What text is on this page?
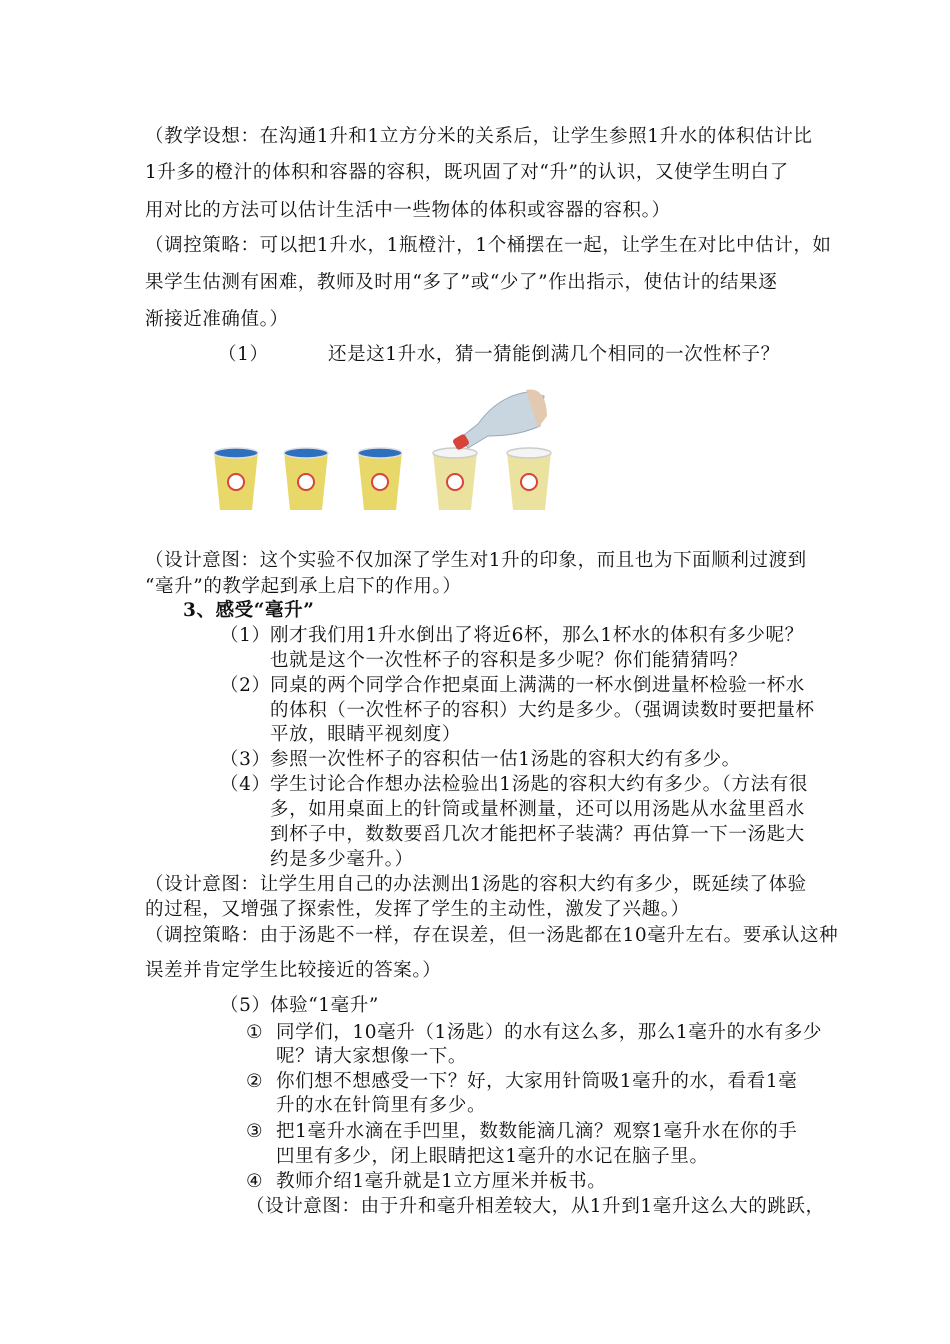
（教学设想：在沟通1升和1立方分米的关系后，让学生参照1升水的体积估计比
1升多的橙汁的体积和容器的容积，既巩固了对“升”的认识，又使学生明白了
用对比的方法可以估计生活中一些物体的体积或容器的容积。）
（调控策略：可以把1升水，1瓶橙汁，1个桶摆在一起，让学生在对比中估计，如
果学生估测有困难，教师及时用“多了”或“少了”作出指示，使估计的结果逐
渐接近准确值。）
（1）	还是这1升水，猜一猜能倒满几个相同的一次性杯子？
（设计意图：这个实验不仅加深了学生对1升的印象，而且也为下面顺利过渡到
“毫升”的教学起到承上启下的作用。）
3、感受“毫升”
（1） 刚才我们用1升水倒出了将近6杯，那么1杯水的体积有多少呢？
也就是这个一次性杯子的容积是多少呢？你们能猜猜吗？
（2） 同桌的两个同学合作把桌面上满满的一杯水倒进量杯检验一杯水
的体积（一次性杯子的容积）大约是多少。（强调读数时要把量杯
平放，眼睛平视刻度）
（3） 参照一次性杯子的容积估一估1汤匙的容积大约有多少。
（4） 学生讨论合作想办法检验出1汤匙的容积大约有多少。（方法有很
多，如用桌面上的针筒或量杯测量，还可以用汤匙从水盆里舀水
到杯子中，数数要舀几次才能把杯子装满？再估算一下一汤匙大
约是多少毫升。）
（设计意图：让学生用自己的办法测出1汤匙的容积大约有多少，既延续了体验
的过程，又增强了探索性，发挥了学生的主动性，激发了兴趣。）
（调控策略：由于汤匙不一样，存在误差，但一汤匙都在10毫升左右。要承认这种
误差并肯定学生比较接近的答案。）
（5） 体验“1毫升”
① 同学们，10毫升（1汤匙）的水有这么多，那么1毫升的水有多少
呢？请大家想像一下。
② 你们想不想感受一下？好，大家用针筒吸1毫升的水，看看1毫
升的水在针筒里有多少。
③ 把1毫升水滴在手凹里，数数能滴几滴？观察1毫升水在你的手
凹里有多少，闭上眼睛把这1毫升的水记在脑子里。
④ 教师介绍1毫升就是1立方厘米并板书。
（设计意图：由于升和毫升相差较大，从1升到1毫升这么大的跳跃，
